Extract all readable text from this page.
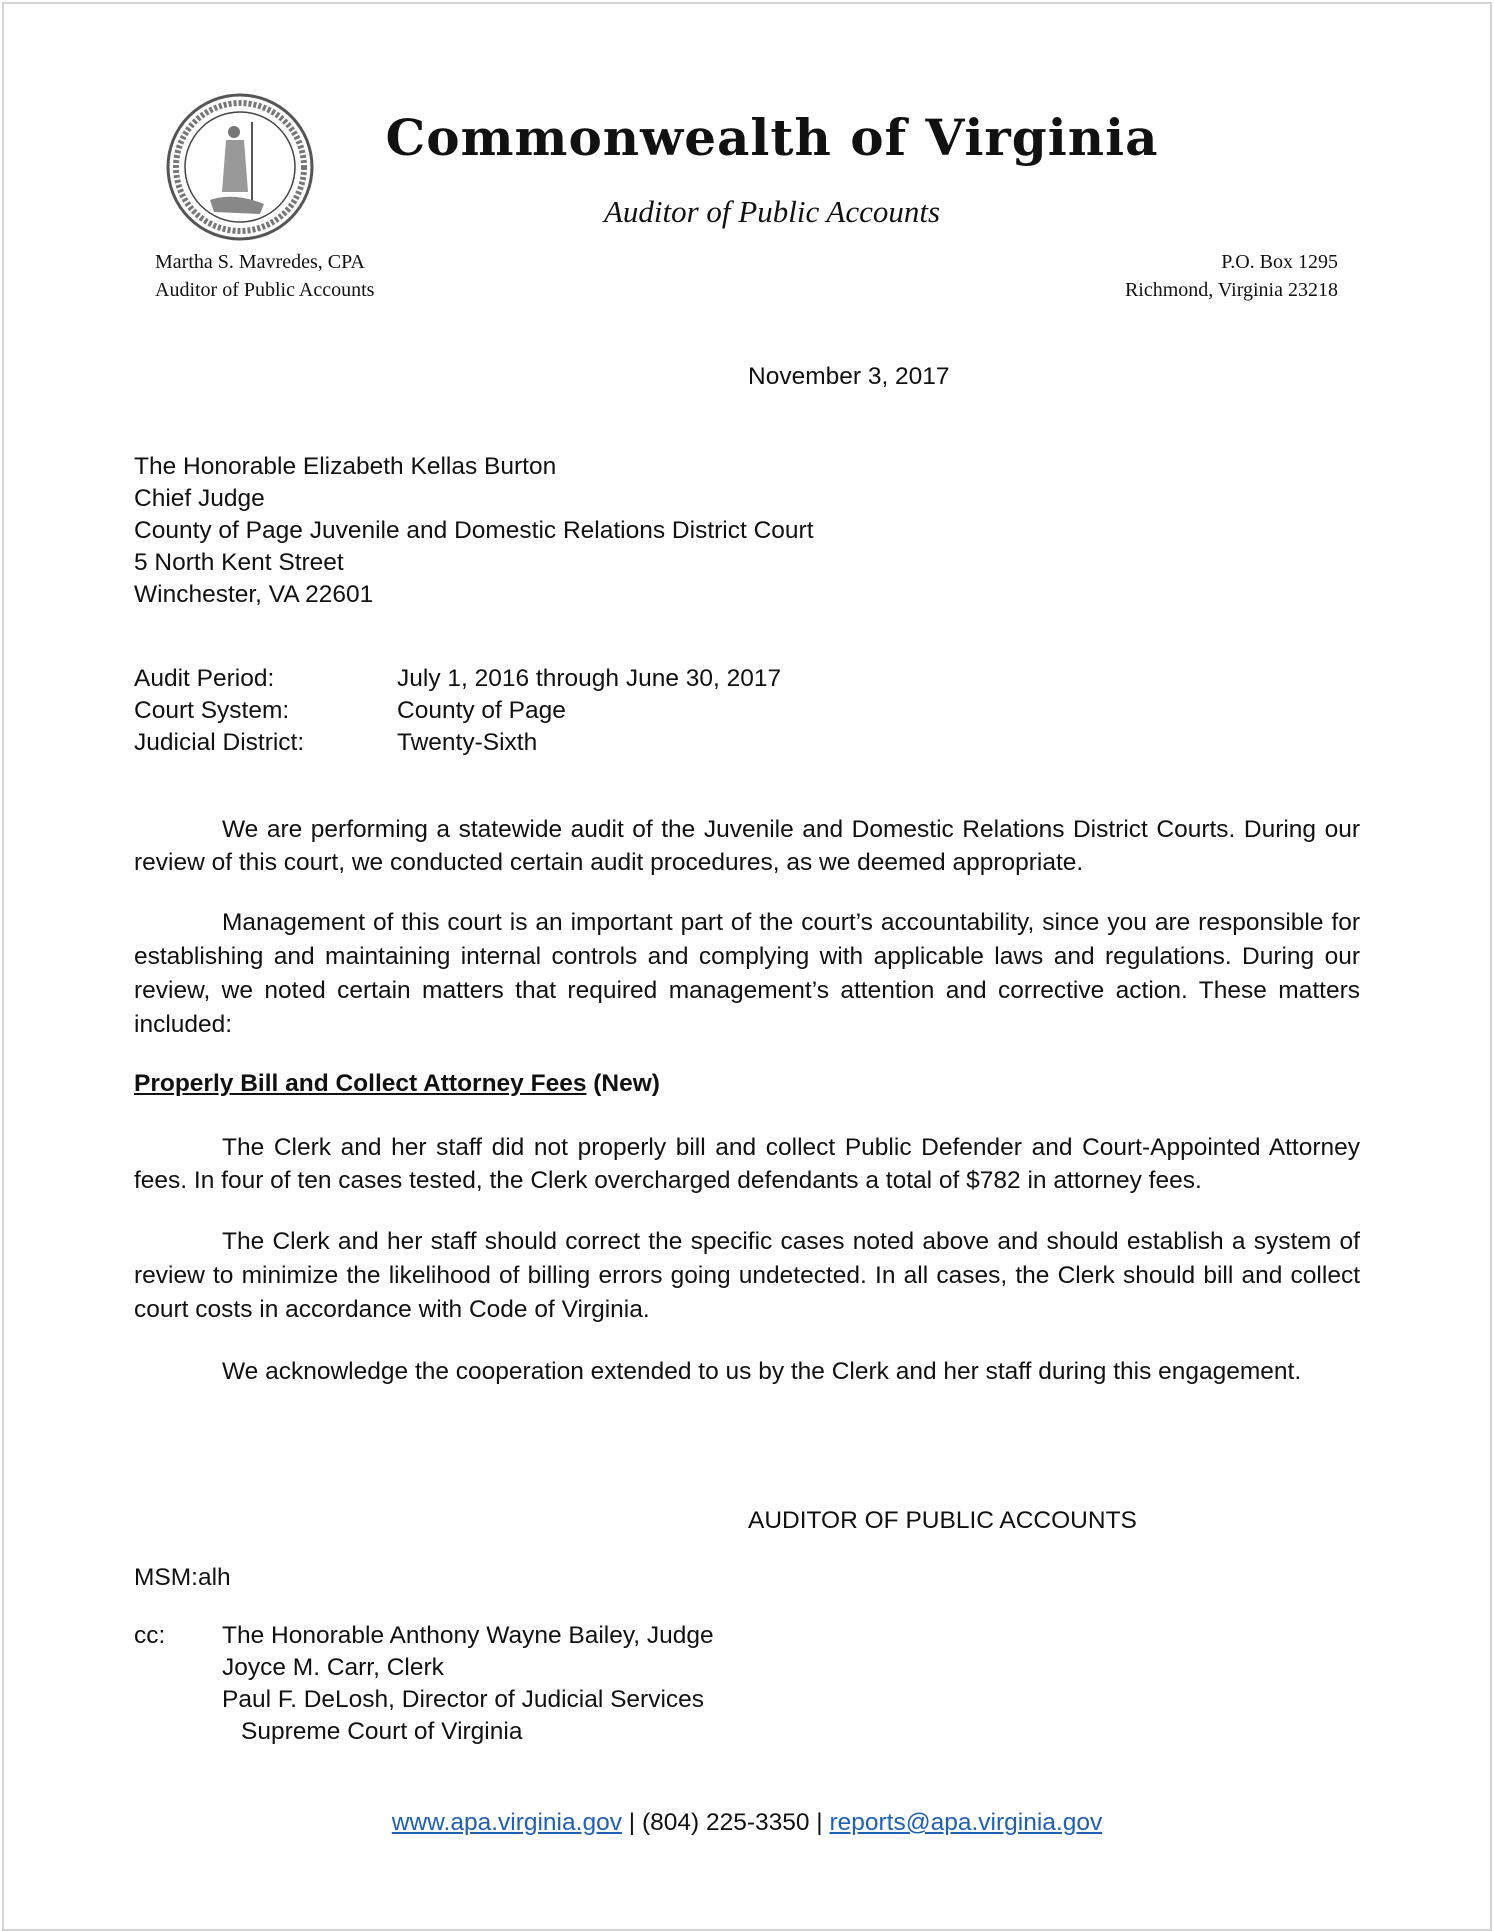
Commonwealth of Virginia
Auditor of Public Accounts
Martha S. Mavredes, CPA
Auditor of Public Accounts
P.O. Box 1295
Richmond, Virginia 23218
November 3, 2017
The Honorable Elizabeth Kellas Burton
Chief Judge
County of Page Juvenile and Domestic Relations District Court
5 North Kent Street
Winchester, VA 22601
Audit Period:	July 1, 2016 through June 30, 2017
Court System:	County of Page
Judicial District:	Twenty-Sixth

We are performing a statewide audit of the Juvenile and Domestic Relations District Courts. During our review of this court, we conducted certain audit procedures, as we deemed appropriate.

Management of this court is an important part of the court’s accountability, since you are responsible for establishing and maintaining internal controls and complying with applicable laws and regulations. During our review, we noted certain matters that required management’s attention and corrective action. These matters included:

Properly Bill and Collect Attorney Fees (New)

The Clerk and her staff did not properly bill and collect Public Defender and Court-Appointed Attorney fees. In four of ten cases tested, the Clerk overcharged defendants a total of $782 in attorney fees.

The Clerk and her staff should correct the specific cases noted above and should establish a system of review to minimize the likelihood of billing errors going undetected. In all cases, the Clerk should bill and collect court costs in accordance with Code of Virginia.

We acknowledge the cooperation extended to us by the Clerk and her staff during this engagement.

AUDITOR OF PUBLIC ACCOUNTS
MSM:alh
cc: The Honorable Anthony Wayne Bailey, Judge
Joyce M. Carr, Clerk
Paul F. DeLosh, Director of Judicial Services
Supreme Court of Virginia
www.apa.virginia.gov | (804) 225-3350 | reports@apa.virginia.gov
